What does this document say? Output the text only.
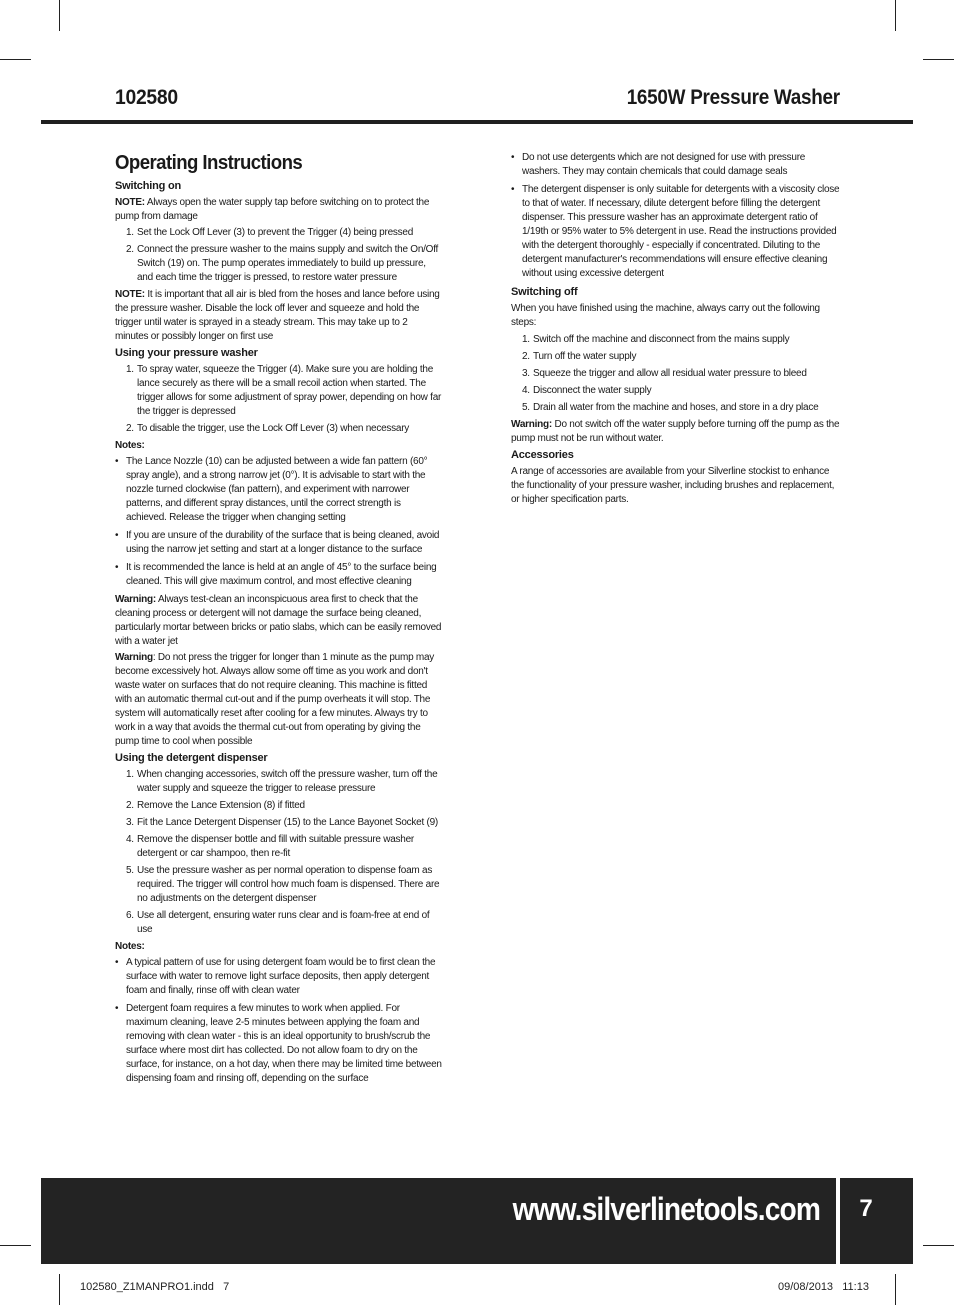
102580	1650W Pressure Washer
Operating Instructions
Switching on

NOTE: Always open the water supply tap before switching on to protect the pump from damage

1. Set the Lock Off Lever (3) to prevent the Trigger (4) being pressed
2. Connect the pressure washer to the mains supply and switch the On/Off Switch (19) on. The pump operates immediately to build up pressure, and each time the trigger is pressed, to restore water pressure

NOTE: It is important that all air is bled from the hoses and lance before using the pressure washer. Disable the lock off lever and squeeze and hold the trigger until water is sprayed in a steady stream. This may take up to 2 minutes or possibly longer on first use

Using your pressure washer
1. To spray water, squeeze the Trigger (4). Make sure you are holding the lance securely as there will be a small recoil action when started. The trigger allows for some adjustment of spray power, depending on how far the trigger is depressed
2. To disable the trigger, use the Lock Off Lever (3) when necessary
Notes:
• The Lance Nozzle (10) can be adjusted between a wide fan pattern (60° spray angle), and a strong narrow jet (0°). It is advisable to start with the nozzle turned clockwise (fan pattern), and experiment with narrower patterns, and different spray distances, until the correct strength is achieved. Release the trigger when changing setting
• If you are unsure of the durability of the surface that is being cleaned, avoid using the narrow jet setting and start at a longer distance to the surface
• It is recommended the lance is held at an angle of 45° to the surface being cleaned. This will give maximum control, and most effective cleaning

Warning: Always test-clean an inconspicuous area first to check that the cleaning process or detergent will not damage the surface being cleaned, particularly mortar between bricks or patio slabs, which can be easily removed with a water jet

Warning: Do not press the trigger for longer than 1 minute as the pump may become excessively hot. Always allow some off time as you work and don't waste water on surfaces that do not require cleaning. This machine is fitted with an automatic thermal cut-out and if the pump overheats it will stop. The system will automatically reset after cooling for a few minutes. Always try to work in a way that avoids the thermal cut-out from operating by giving the pump time to cool when possible

Using the detergent dispenser
1. When changing accessories, switch off the pressure washer, turn off the water supply and squeeze the trigger to release pressure
2. Remove the Lance Extension (8) if fitted
3. Fit the Lance Detergent Dispenser (15) to the Lance Bayonet Socket (9)
4. Remove the dispenser bottle and fill with suitable pressure washer detergent or car shampoo, then re-fit
5. Use the pressure washer as per normal operation to dispense foam as required. The trigger will control how much foam is dispensed. There are no adjustments on the detergent dispenser
6. Use all detergent, ensuring water runs clear and is foam-free at end of use
Notes:
• A typical pattern of use for using detergent foam would be to first clean the surface with water to remove light surface deposits, then apply detergent foam and finally, rinse off with clean water
• Detergent foam requires a few minutes to work when applied. For maximum cleaning, leave 2-5 minutes between applying the foam and removing with clean water - this is an ideal opportunity to brush/scrub the surface where most dirt has collected. Do not allow foam to dry on the surface, for instance, on a hot day, when there may be limited time between dispensing foam and rinsing off, depending on the surface
• Do not use detergents which are not designed for use with pressure washers. They may contain chemicals that could damage seals
• The detergent dispenser is only suitable for detergents with a viscosity close to that of water. If necessary, dilute detergent before filling the detergent dispenser. This pressure washer has an approximate detergent ratio of 1/19th or 95% water to 5% detergent in use. Read the instructions provided with the detergent thoroughly - especially if concentrated. Diluting to the detergent manufacturer's recommendations will ensure effective cleaning without using excessive detergent
Switching off

When you have finished using the machine, always carry out the following steps:

1. Switch off the machine and disconnect from the mains supply
2. Turn off the water supply
3. Squeeze the trigger and allow all residual water pressure to bleed
4. Disconnect the water supply
5. Drain all water from the machine and hoses, and store in a dry place

Warning: Do not switch off the water supply before turning off the pump as the pump must not be run without water.

Accessories

A range of accessories are available from your Silverline stockist to enhance the functionality of your pressure washer, including brushes and replacement, or higher specification parts.

www.silverlinetools.com	7
102580_Z1MANPRO1.indd   7	09/08/2013   11:13
